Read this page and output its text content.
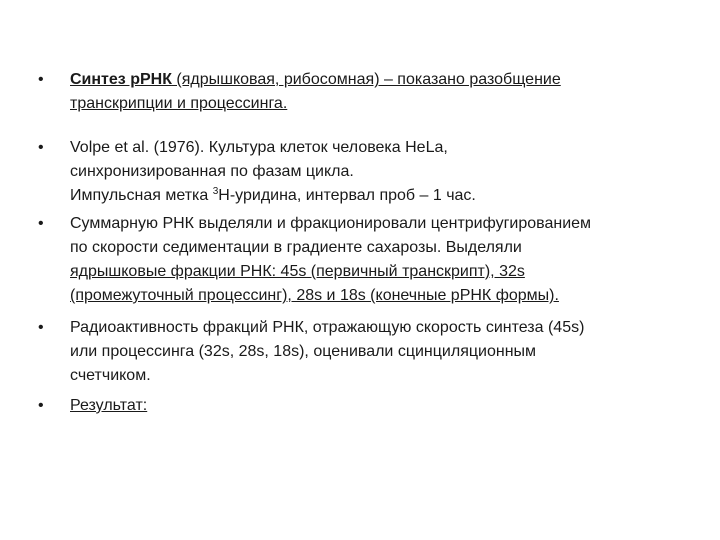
•	Синтез рРНК (ядрышковая, рибосомная) – показано разобщение
транскрипции и процессинга.
•	Volpe et al. (1976). Культура клеток человека HeLa,
синхронизированная по фазам цикла.
Импульсная метка $^3$Н-уридина, интервал проб – 1 час.
•	Суммарную РНК выделяли и фракционировали центрифугированием
по скорости седиментации в градиенте сахарозы. Выделяли
ядрышковые фракции РНК: 45s (первичный транскрипт), 32s
(промежуточный процессинг), 28s и 18s (конечные рРНК формы).
•	Радиоактивность фракций РНК, отражающую скорость синтеза (45s)
или процессинга (32s, 28s, 18s), оценивали сцинциляционным
счетчиком.
•	Результат:
